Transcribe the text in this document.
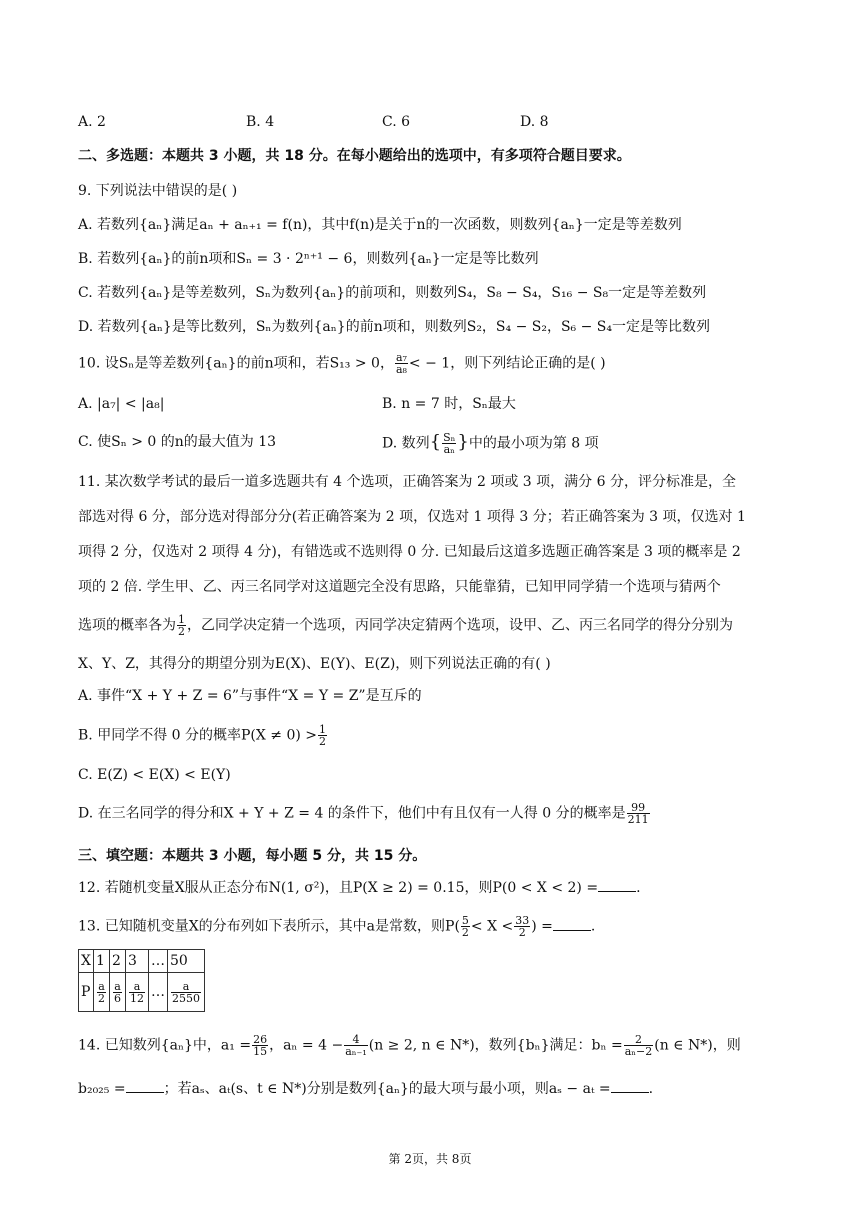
A. 2	B. 4	C. 6	D. 8
二、多选题：本题共 3 小题，共 18 分。在每小题给出的选项中，有多项符合题目要求。
9. 下列说法中错误的是( )
A. 若数列{aₙ}满足aₙ + aₙ₊₁ = f(n)，其中f(n)是关于n的一次函数，则数列{aₙ}一定是等差数列
B. 若数列{aₙ}的前n项和Sₙ = 3 · 2ⁿ⁺¹ − 6，则数列{aₙ}一定是等比数列
C. 若数列{aₙ}是等差数列，Sₙ为数列{aₙ}的前项和，则数列S₄，S₈ − S₄，S₁₆ − S₈一定是等差数列
D. 若数列{aₙ}是等比数列，Sₙ为数列{aₙ}的前n项和，则数列S₂，S₄ − S₂，S₆ − S₄一定是等比数列
10. 设Sₙ是等差数列{aₙ}的前n项和，若S₁₃ > 0， $\frac{\text{a₇}}{\text{a₈}}$ < − 1，则下列结论正确的是( )
A. |a₇| < |a₈|	B. n = 7 时，Sₙ最大
C. 使Sₙ > 0 的n的最大值为 13	D. 数列{ $\frac{\text{Sₙ}}{\text{aₙ}}$ }中的最小项为第 8 项
11. 某次数学考试的最后一道多选题共有 4 个选项，正确答案为 2 项或 3 项，满分 6 分，评分标准是，全
部选对得 6 分，部分选对得部分分(若正确答案为 2 项，仅选对 1 项得 3 分；若正确答案为 3 项，仅选对 1
项得 2 分，仅选对 2 项得 4 分)，有错选或不选则得 0 分. 已知最后这道多选题正确答案是 3 项的概率是 2
项的 2 倍. 学生甲、乙、丙三名同学对这道题完全没有思路，只能靠猜，已知甲同学猜一个选项与猜两个
选项的概率各为 $\frac{1}{2}$ ，乙同学决定猜一个选项，丙同学决定猜两个选项，设甲、乙、丙三名同学的得分分别为
X、Y、Z，其得分的期望分别为E(X)、E(Y)、E(Z)，则下列说法正确的有( )
A. 事件“X + Y + Z = 6”与事件“X = Y = Z”是互斥的
B. 甲同学不得 0 分的概率$P(X \ne 0) > \frac{1}{2}$
C. E(Z) < E(X) < E(Y)
D. 在三名同学的得分和X + Y + Z = 4 的条件下，他们中有且仅有一人得 0 分的概率是 $\frac{99}{211}$
三、填空题：本题共 3 小题，每小题 5 分，共 15 分。
12. 若随机变量X服从正态分布N(1, σ²)，且P(X ≥ 2) = 0.15，则P(0 < X < 2) =	.
13. 已知随机变量X的分布列如下表所示，其中a是常数，则$P( \frac{5}{2} < X < \frac{33}{2}$ ) =	.
X	1	2	3	…	50
P	$\frac{a}{2}$	$\frac{a}{6}$	$\frac{a}{12}$	…	$\frac{a}{2550}$
14. 已知数列{aₙ}中，$a_1 = \frac{26}{15}$ ，$a_n = 4 - \frac{4}{\text{aₙ₋₁}} (n \ge 2$, n ∈ N*)，数列{bₙ}满足：$b_n = \frac{2}{\text{aₙ−2}} (n$ ∈ N*)，则
b₂₀₂₅ =	；若aₛ、aₜ(s、t ∈ N*)分别是数列{aₙ}的最大项与最小项，则aₛ − aₜ =	.
第 2页，共 8页
